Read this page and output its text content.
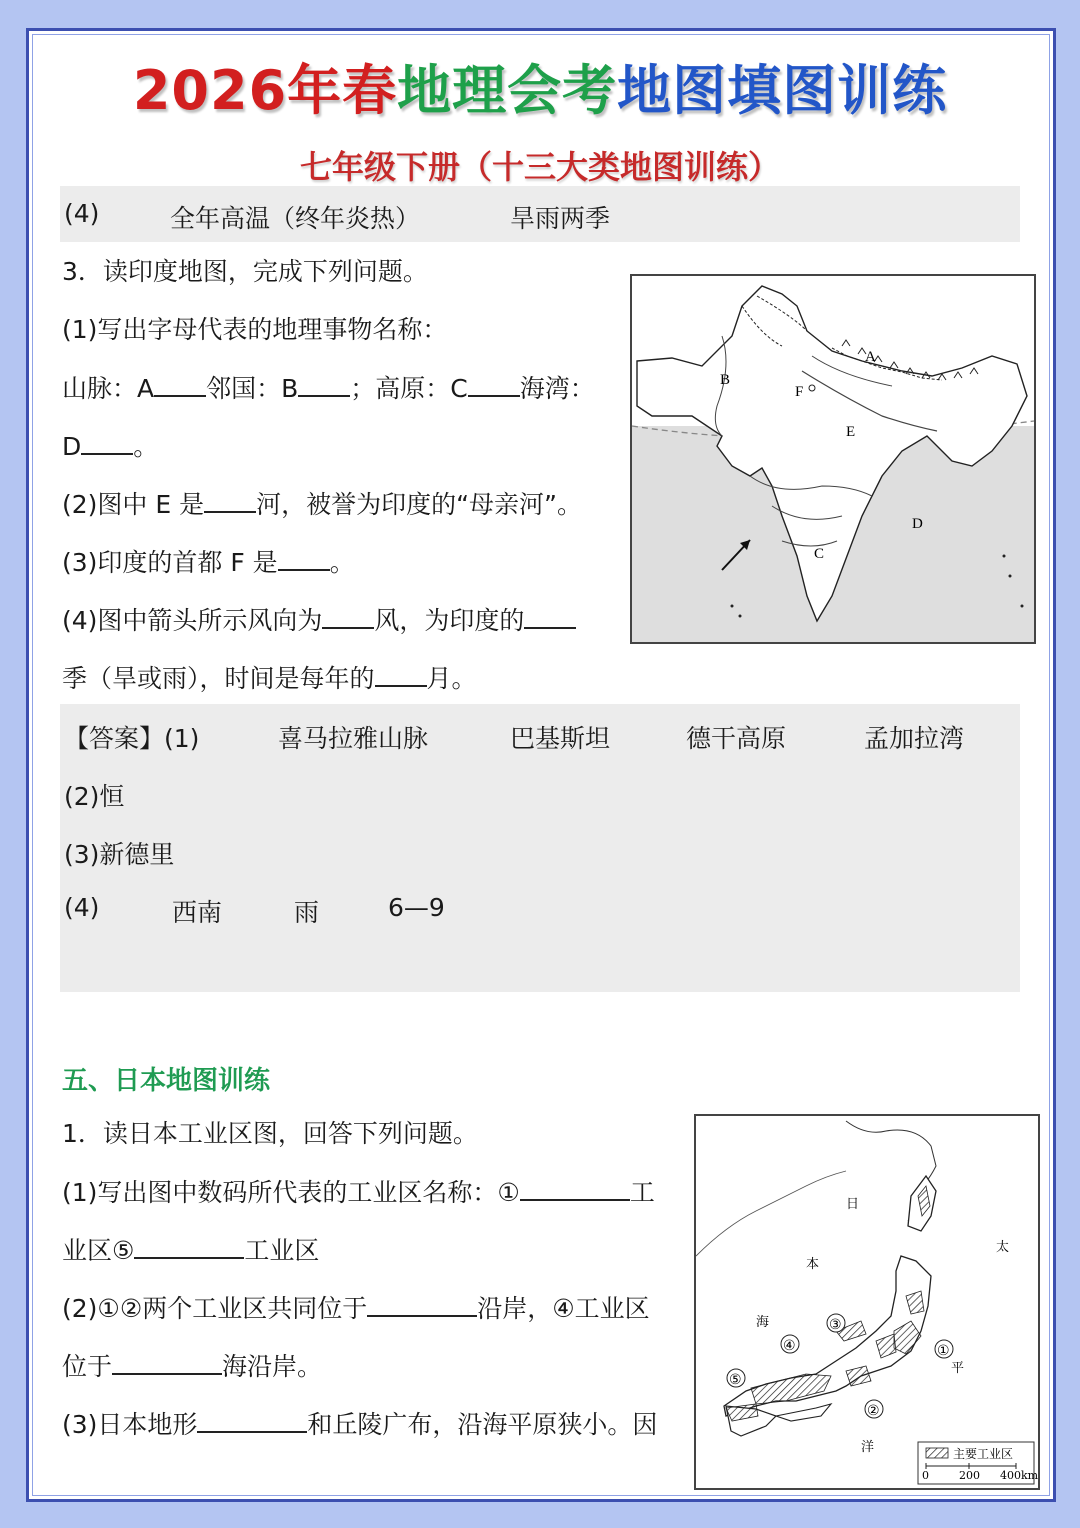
2026年春地理会考地图填图训练
七年级下册（十三大类地图训练）
(4)	全年高温（终年炎热）	旱雨两季
3．读印度地图，完成下列问题。
(1)写出字母代表的地理事物名称：
山脉：A 邻国：B ；高原：C 海湾：
D 。
(2)图中 E 是 河，被誉为印度的“母亲河”。
(3)印度的首都 F 是 。
(4)图中箭头所示风向为 风，为印度的
季（旱或雨），时间是每年的 月。
A
B
C
D
E
F
【答案】(1)	喜马拉雅山脉	巴基斯坦	德干高原	孟加拉湾
(2)恒
(3)新德里
(4)	西南	雨	6—9
五、日本地图训练
1．读日本工业区图，回答下列问题。
(1)写出图中数码所代表的工业区名称：①	工
业区⑤	工业区
(2)①②两个工业区共同位于	沿岸，④工业区
位于	海沿岸。
(3)日本地形	和丘陵广布，沿海平原狭小。因
①
②
③
④
⑤
日
本
海
太
平
洋	主要工业区
0	200 400km
